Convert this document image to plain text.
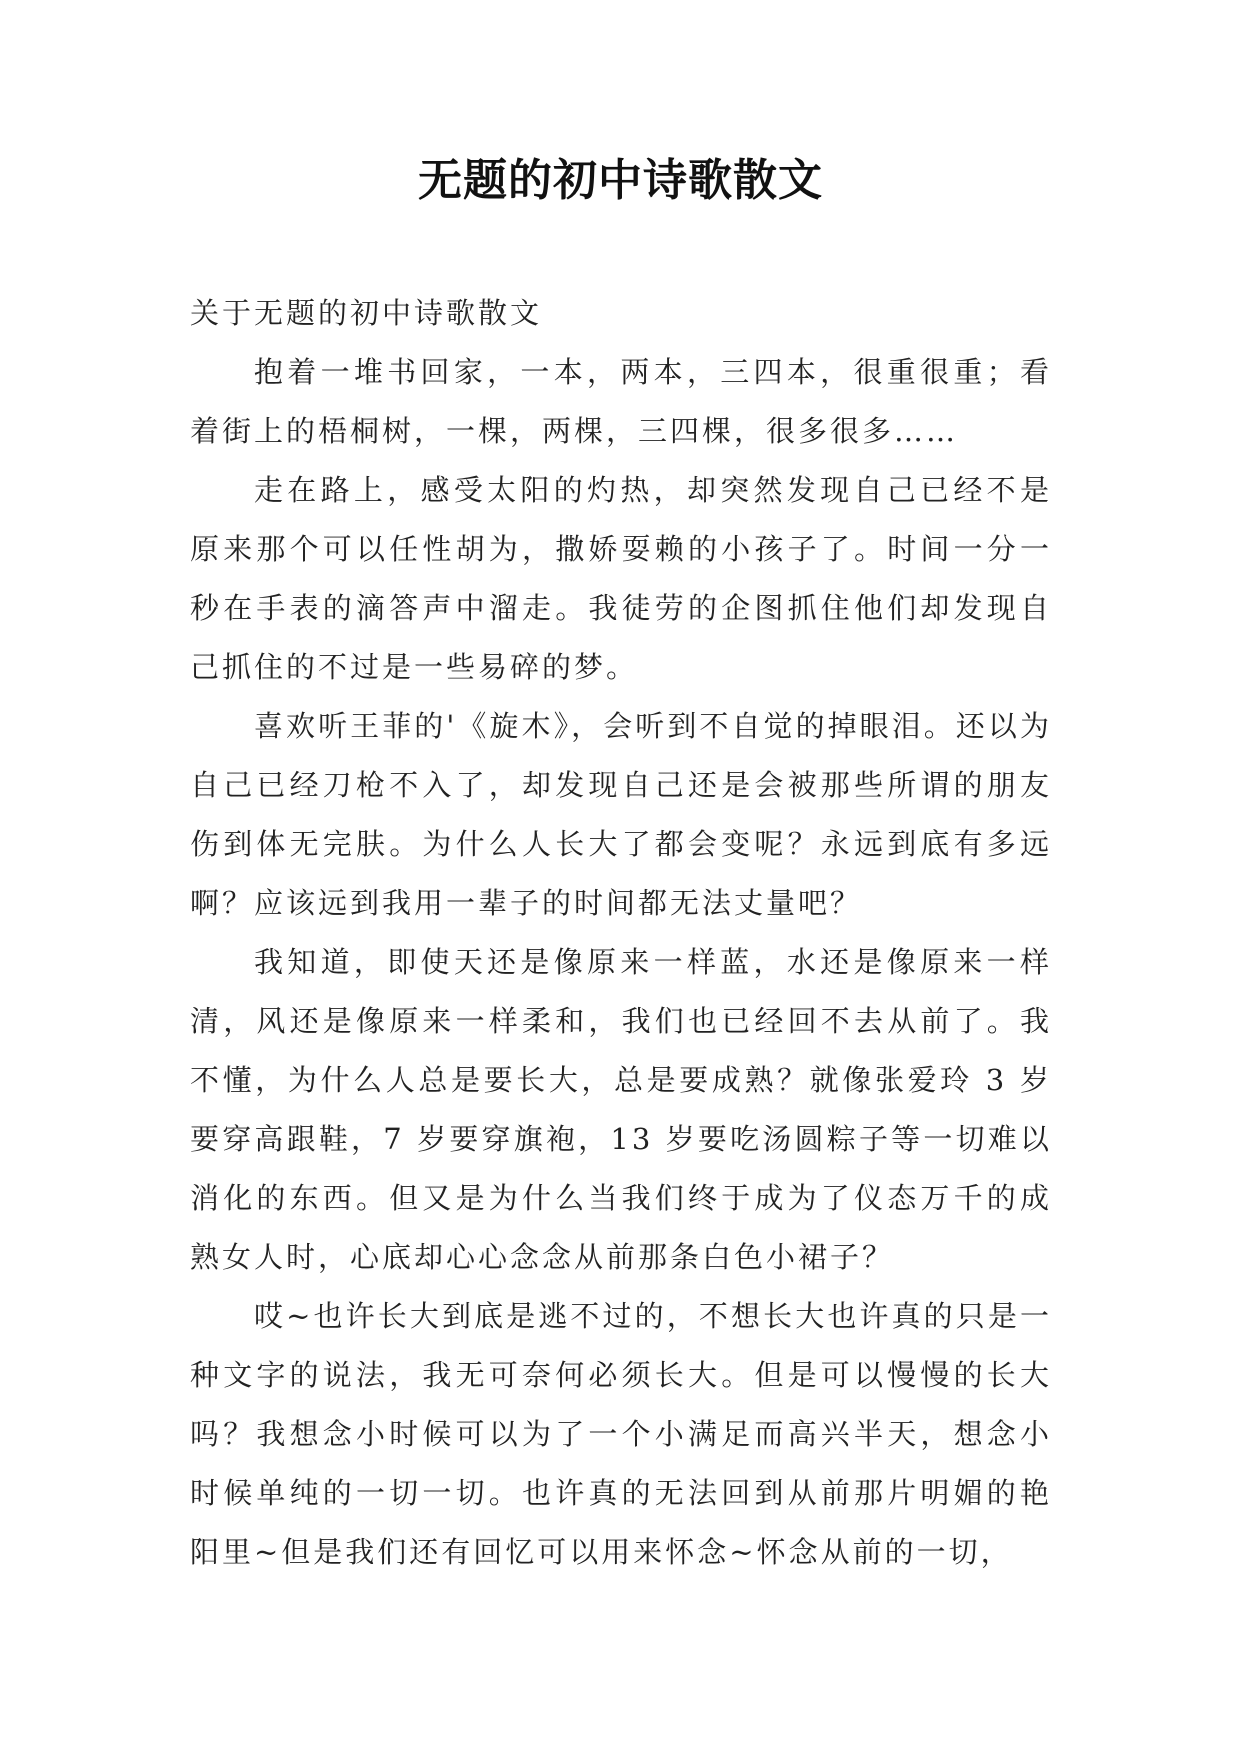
无题的初中诗歌散文

关于无题的初中诗歌散文

抱着一堆书回家，一本，两本，三四本，很重很重；看着街上的梧桐树，一棵，两棵，三四棵，很多很多……

走在路上，感受太阳的灼热，却突然发现自己已经不是原来那个可以任性胡为，撒娇耍赖的小孩子了。时间一分一秒在手表的滴答声中溜走。我徒劳的企图抓住他们却发现自己抓住的不过是一些易碎的梦。

喜欢听王菲的'《旋木》，会听到不自觉的掉眼泪。还以为自己已经刀枪不入了，却发现自己还是会被那些所谓的朋友伤到体无完肤。为什么人长大了都会变呢？永远到底有多远啊？应该远到我用一辈子的时间都无法丈量吧？

我知道，即使天还是像原来一样蓝，水还是像原来一样清，风还是像原来一样柔和，我们也已经回不去从前了。我不懂，为什么人总是要长大，总是要成熟？就像张爱玲 3 岁要穿高跟鞋，7 岁要穿旗袍，13 岁要吃汤圆粽子等一切难以消化的东西。但又是为什么当我们终于成为了仪态万千的成熟女人时，心底却心心念念从前那条白色小裙子？

哎~也许长大到底是逃不过的，不想长大也许真的只是一种文字的说法，我无可奈何必须长大。但是可以慢慢的长大吗？我想念小时候可以为了一个小满足而高兴半天，想念小时候单纯的一切一切。也许真的无法回到从前那片明媚的艳阳里~但是我们还有回忆可以用来怀念~怀念从前的一切，
